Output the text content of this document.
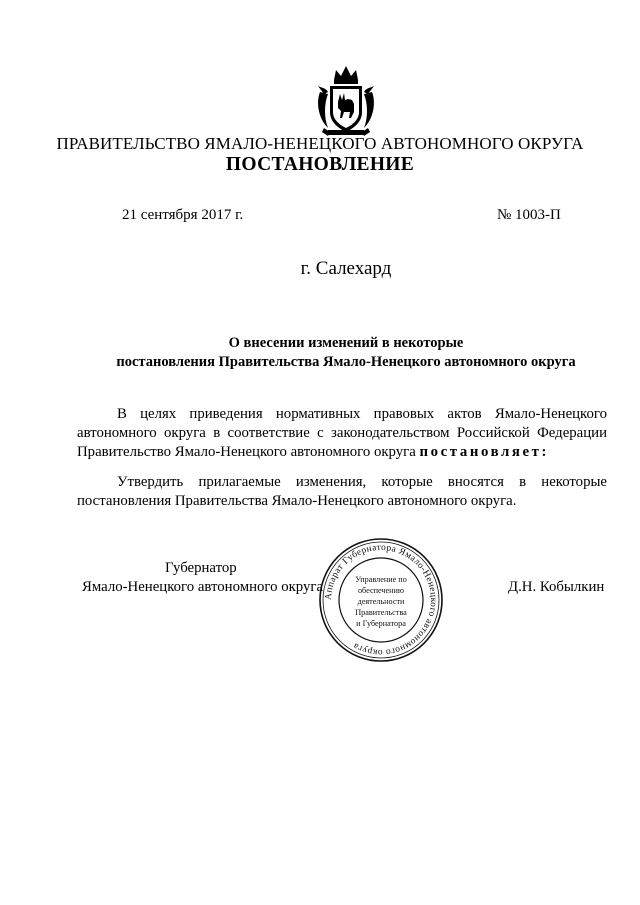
ПРАВИТЕЛЬСТВО ЯМАЛО-НЕНЕЦКОГО АВТОНОМНОГО ОКРУГА
ПОСТАНОВЛЕНИЕ
21 сентября 2017 г.	№ 1003-П
г. Салехард
О внесении изменений в некоторые
постановления Правительства Ямало-Ненецкого автономного округа
В целях приведения нормативных правовых актов Ямало-Ненецкого
автономного округа в соответствие с законодательством Российской Федерации
Правительство Ямало-Ненецкого автономного округа постановляет:
Утвердить прилагаемые изменения, которые вносятся в некоторые
постановления Правительства Ямало-Ненецкого автономного округа.
Губернатор
Ямало-Ненецкого автономного округа	Д.Н. Кобылкин
Аппарат Губернатора Ямало-Ненецкого автономного округа
Управление по
обеспечению
деятельности
Правительства
и Губернатора
